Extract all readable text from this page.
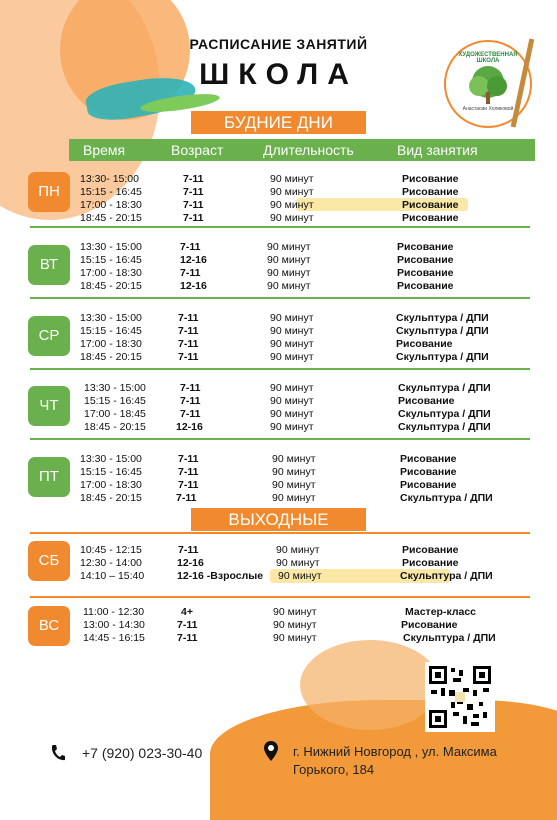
РАСПИСАНИЕ ЗАНЯТИЙ
ШКОЛА
ХУДОЖЕСТВЕННАЯ ШКОЛА
Анастасии Холиковой
БУДНИЕ ДНИ
Время	Возраст	Длительность	Вид занятия
ПН
13:30- 15:00	7-11	90 минут	Рисование
15:15 - 16:45	7-11	90 минут	Рисование
17:00 - 18:30	7-11	90 минут	Рисование
18:45 - 20:15	7-11	90 минут	Рисование
ВТ
13:30 - 15:00	7-11	90 минут	Рисование
15:15 - 16:45	12-16	90 минут	Рисование
17:00 - 18:30	7-11	90 минут	Рисование
18:45 - 20:15	12-16	90 минут	Рисование
СР
13:30 - 15:00	7-11	90 минут	Скульптура / ДПИ
15:15 - 16:45	7-11	90 минут	Скульптура / ДПИ
17:00 - 18:30	7-11	90 минут	Рисование
18:45 - 20:15	7-11	90 минут	Скульптура / ДПИ
ЧТ
13:30 - 15:00	7-11	90 минут	Скульптура / ДПИ
15:15 - 16:45	7-11	90 минут	Рисование
17:00 - 18:45	7-11	90 минут	Скульптура / ДПИ
18:45 - 20:15	12-16	90 минут	Скульптура / ДПИ
ПТ
13:30 - 15:00	7-11	90 минут	Рисование
15:15 - 16:45	7-11	90 минут	Рисование
17:00 - 18:30	7-11	90 минут	Рисование
18:45 - 20:15	7-11	90 минут	Скульптура / ДПИ
ВЫХОДНЫЕ
СБ
10:45 - 12:15	7-11	90 минут	Рисование
12:30 - 14:00	12-16	90 минут	Рисование
14:10 – 15:40	12-16 -Взрослые 90 минут	Скульптура / ДПИ
ВС
11:00 - 12:30	4+	90 минут	Мастер-класс
13:00 - 14:30	7-11	90 минут	Рисование
14:45 - 16:15	7-11	90 минут	Скульптура / ДПИ
+7 (920) 023-30-40	г. Нижний Новгород , ул. Максима
Горького, 184
